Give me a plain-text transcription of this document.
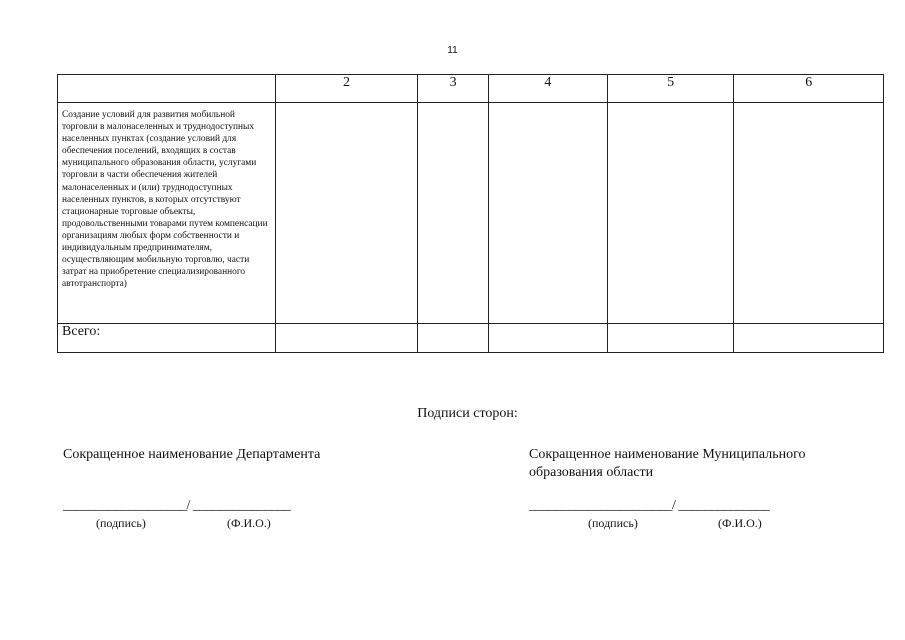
11
	2	3	4	5	6
Создание условий для развития мобильной торговли в малонаселенных и труднодоступных населенных пунктах (создание условий для обеспечения поселений, входящих в состав муниципального образования области, услугами торговли в части обеспечения жителей малонаселенных и (или) труднодоступных населенных пунктов, в которых отсутствуют стационарные торговые объекты, продовольственными товарами путем компенсации организациям любых форм собственности и индивидуальным предпринимателям, осуществляющим мобильную торговлю, части затрат на приобретение специализированного автотранспорта)					
Всего:					
Подписи сторон:
Сокращенное наименование Департамента	Сокращенное наименование Муниципального образования области
___________________/ _______________
(подпись)	(Ф.И.О.)
______________________/ ______________
(подпись)	(Ф.И.О.)
